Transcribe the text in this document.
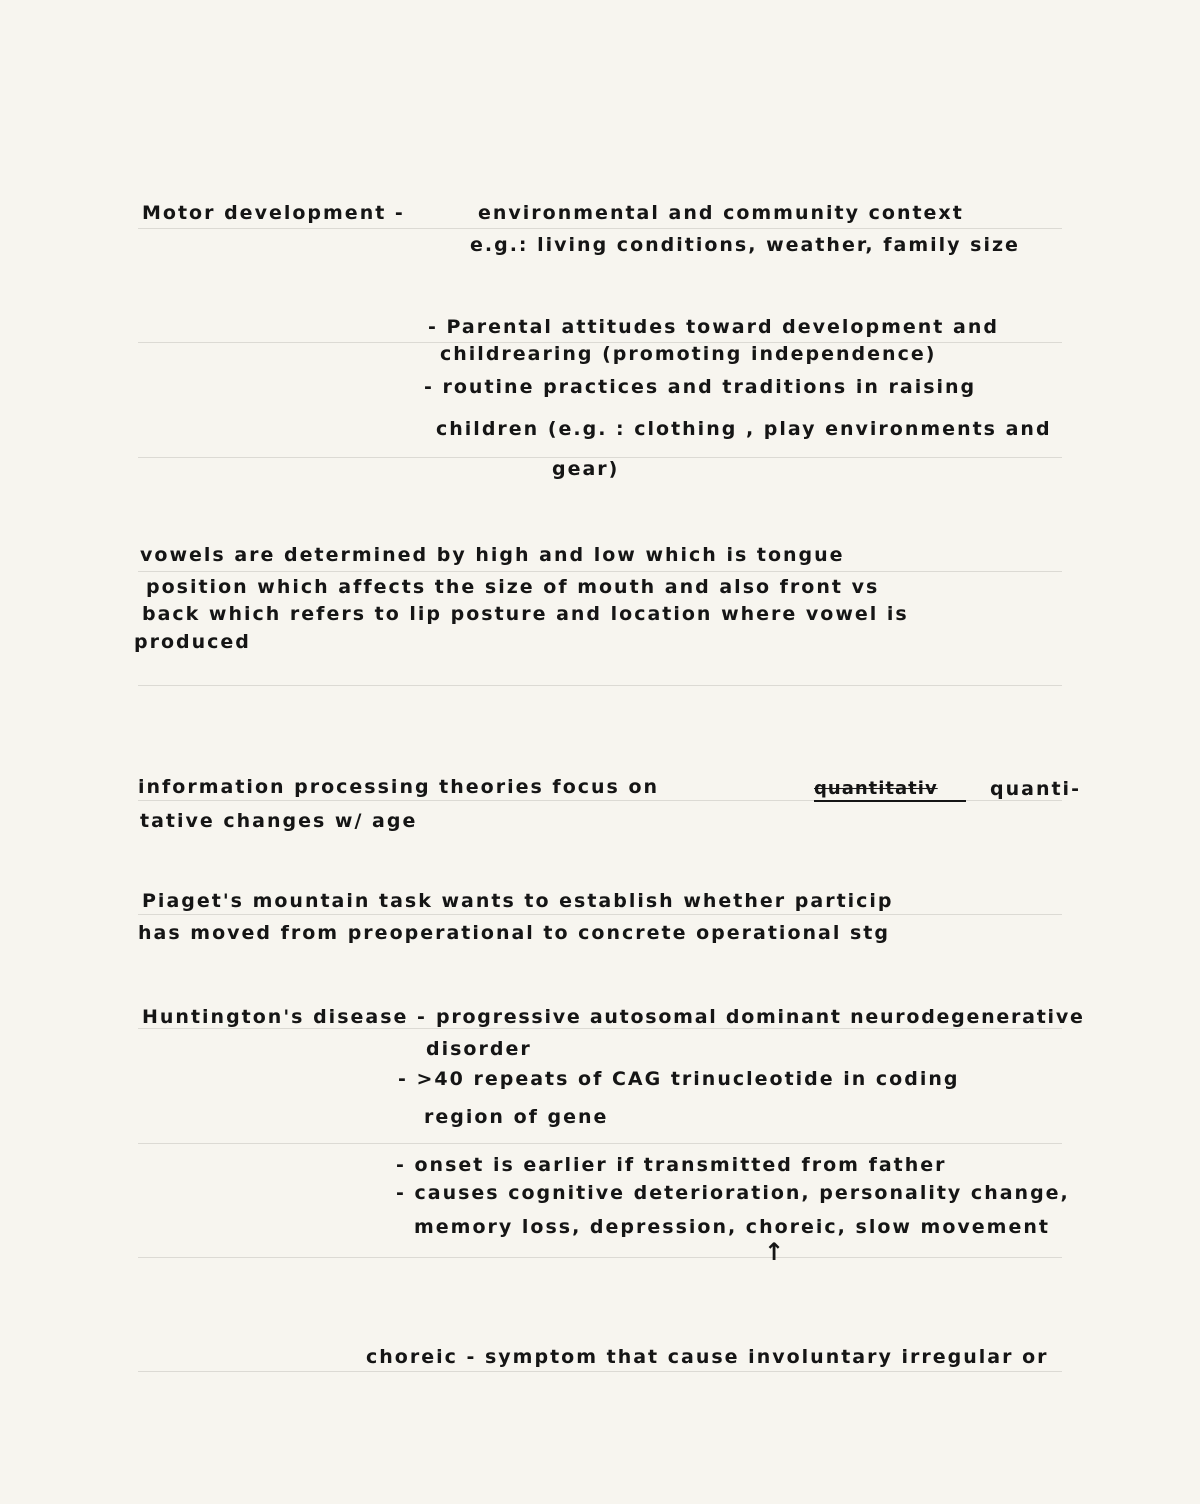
Motor development -	environmental and community context
e.g.: living conditions, weather, family size
- Parental attitudes toward development and
childrearing (promoting independence)
- routine practices and traditions in raising
children (e.g. : clothing , play environments and
gear)
vowels are determined by high and low which is tongue
position which affects the size of mouth and also front vs
back which refers to lip posture and location where vowel is
produced
information processing theories focus on	quantitativ	quanti-
tative changes w/ age
Piaget's mountain task wants to establish whether particip
has moved from preoperational to concrete operational stg
Huntington's disease - progressive autosomal dominant neurodegenerative
disorder
- >40 repeats of CAG trinucleotide in coding
region of gene
- onset is earlier if transmitted from father
- causes cognitive deterioration, personality change,
memory loss, depression, choreic, slow movement
↑
choreic - symptom that cause involuntary irregular or
